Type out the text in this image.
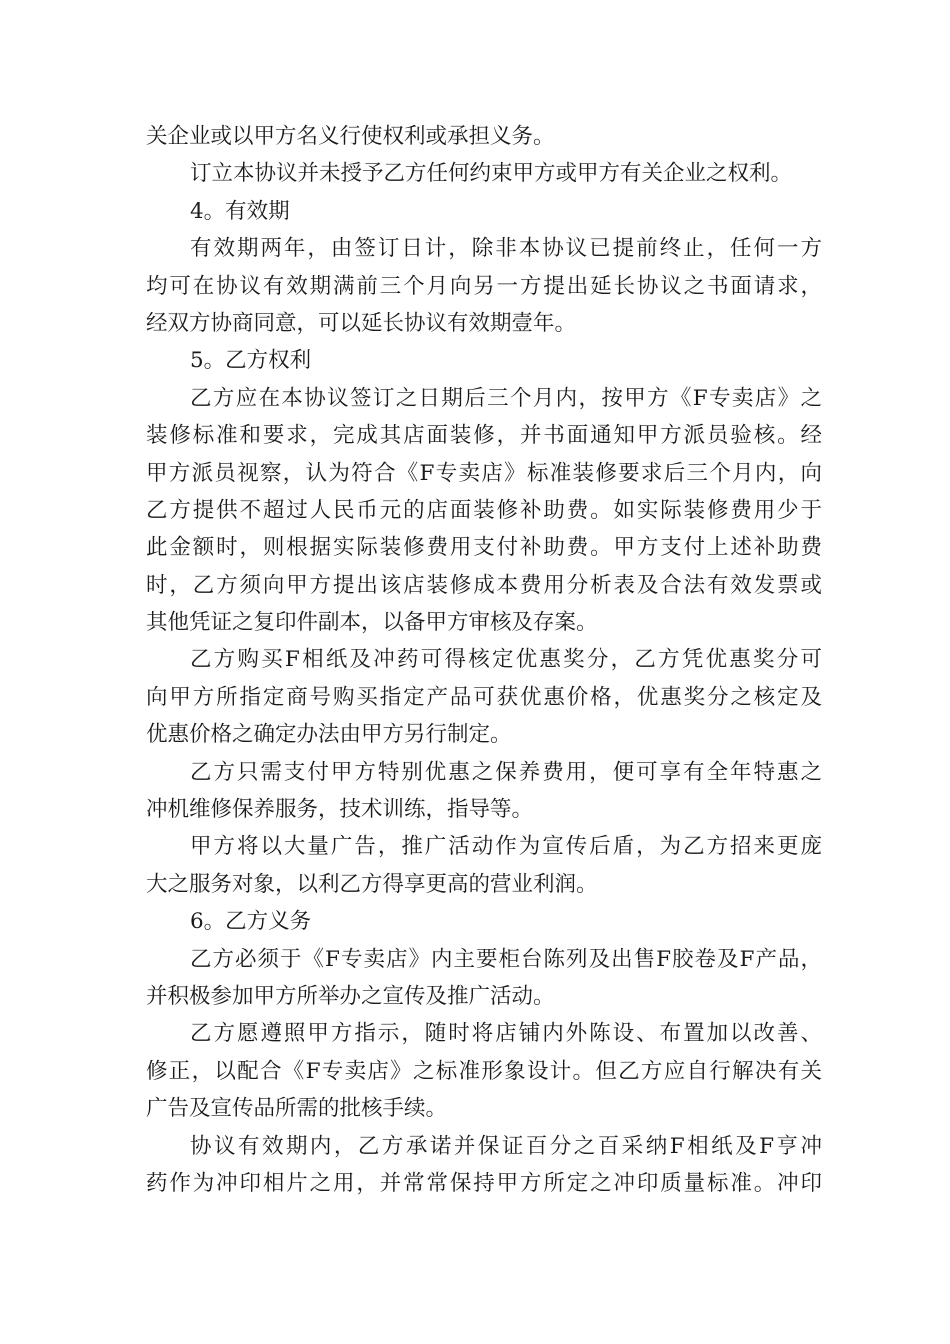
关企业或以甲方名义行使权利或承担义务。
订立本协议并未授予乙方任何约束甲方或甲方有关企业之权利。
4。有效期
有效期两年，由签订日计，除非本协议已提前终止，任何一方
均可在协议有效期满前三个月向另一方提出延长协议之书面请求，
经双方协商同意，可以延长协议有效期壹年。
5。乙方权利
乙方应在本协议签订之日期后三个月内，按甲方《F专卖店》之
装修标准和要求，完成其店面装修，并书面通知甲方派员验核。经
甲方派员视察，认为符合《F专卖店》标准装修要求后三个月内，向
乙方提供不超过人民币元的店面装修补助费。如实际装修费用少于
此金额时，则根据实际装修费用支付补助费。甲方支付上述补助费
时，乙方须向甲方提出该店装修成本费用分析表及合法有效发票或
其他凭证之复印件副本，以备甲方审核及存案。
乙方购买F相纸及冲药可得核定优惠奖分，乙方凭优惠奖分可
向甲方所指定商号购买指定产品可获优惠价格，优惠奖分之核定及
优惠价格之确定办法由甲方另行制定。
乙方只需支付甲方特别优惠之保养费用，便可享有全年特惠之
冲机维修保养服务，技术训练，指导等。
甲方将以大量广告，推广活动作为宣传后盾，为乙方招来更庞
大之服务对象，以利乙方得享更高的营业利润。
6。乙方义务
乙方必须于《F专卖店》内主要柜台陈列及出售F胶卷及F产品，
并积极参加甲方所举办之宣传及推广活动。
乙方愿遵照甲方指示，随时将店铺内外陈设、布置加以改善、
修正，以配合《F专卖店》之标准形象设计。但乙方应自行解决有关
广告及宣传品所需的批核手续。
协议有效期内，乙方承诺并保证百分之百采纳F相纸及F亨冲
药作为冲印相片之用，并常常保持甲方所定之冲印质量标准。冲印
